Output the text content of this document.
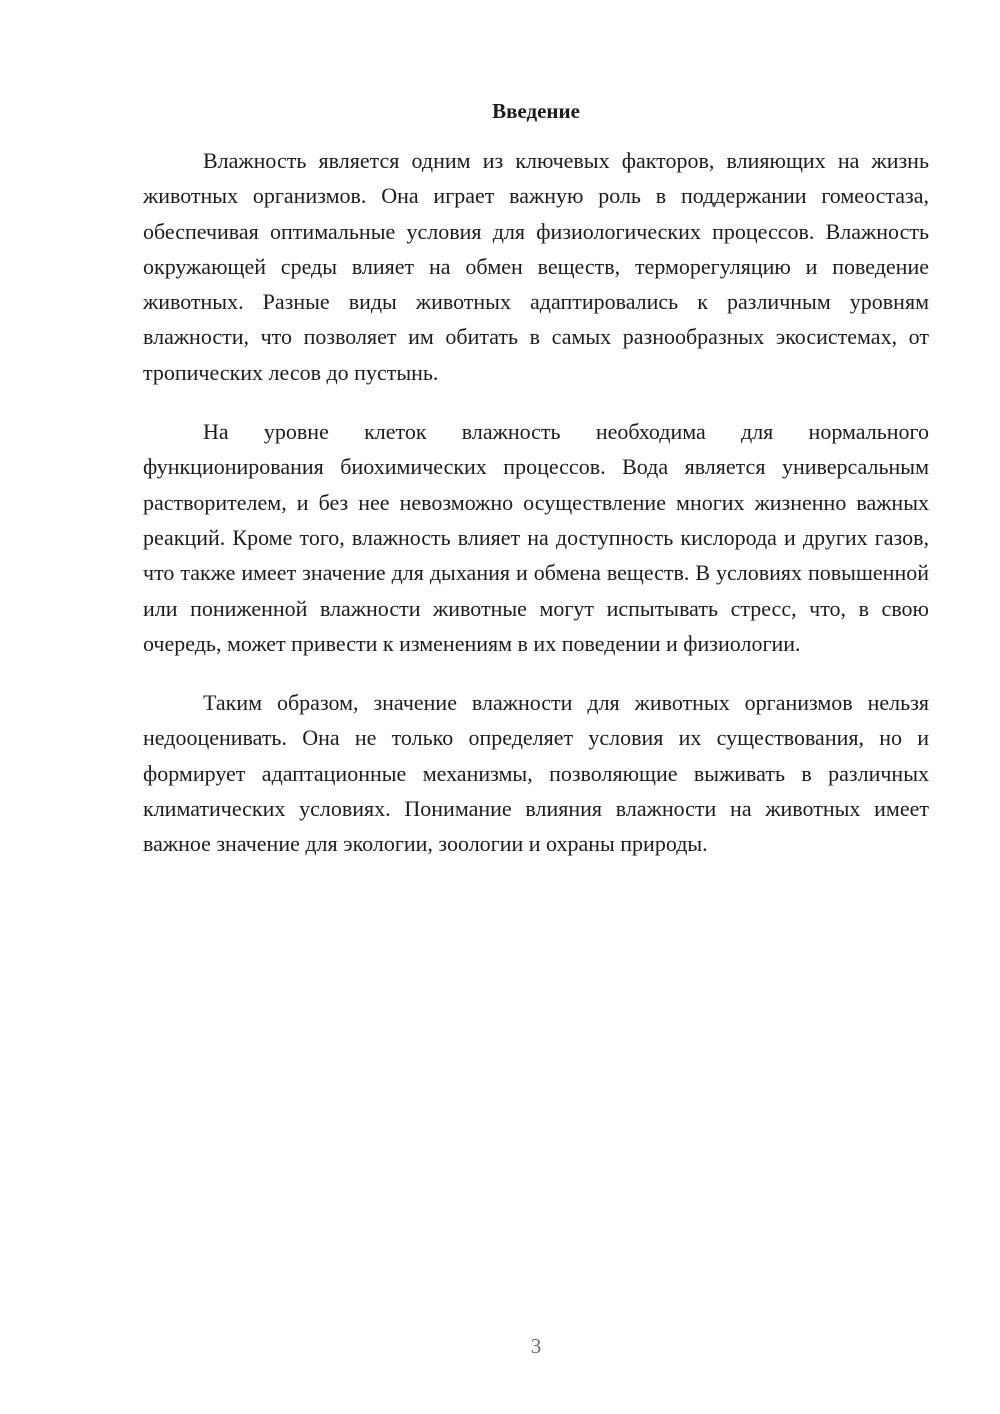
Введение

Влажность является одним из ключевых факторов, влияющих на жизнь животных организмов. Она играет важную роль в поддержании гомеостаза, обеспечивая оптимальные условия для физиологических процессов. Влажность окружающей среды влияет на обмен веществ, терморегуляцию и поведение животных. Разные виды животных адаптировались к различным уровням влажности, что позволяет им обитать в самых разнообразных экосистемах, от тропических лесов до пустынь.

На уровне клеток влажность необходима для нормального функционирования биохимических процессов. Вода является универсальным растворителем, и без нее невозможно осуществление многих жизненно важных реакций. Кроме того, влажность влияет на доступность кислорода и других газов, что также имеет значение для дыхания и обмена веществ. В условиях повышенной или пониженной влажности животные могут испытывать стресс, что, в свою очередь, может привести к изменениям в их поведении и физиологии.

Таким образом, значение влажности для животных организмов нельзя недооценивать. Она не только определяет условия их существования, но и формирует адаптационные механизмы, позволяющие выживать в различных климатических условиях. Понимание влияния влажности на животных имеет важное значение для экологии, зоологии и охраны природы.

3
